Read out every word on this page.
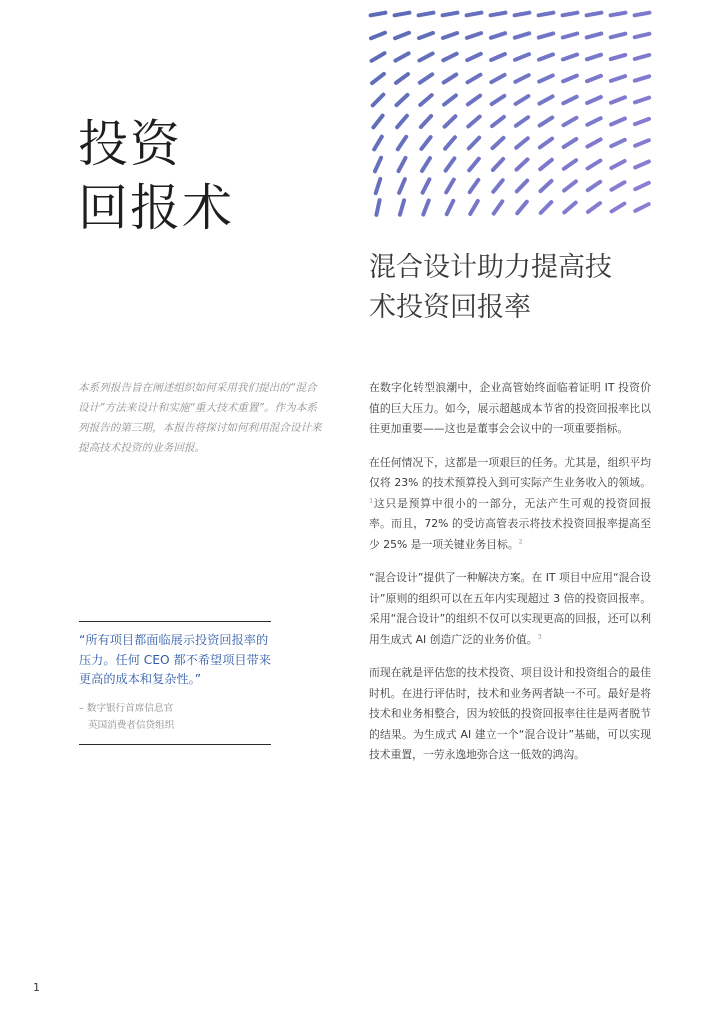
投资
回报术
混合设计助力提高技
术投资回报率

本系列报告旨在阐述组织如何采用我们提出的“混合设计”方法来设计和实施“重大技术重置”。作为本系列报告的第三期，本报告将探讨如何利用混合设计来提高技术投资的业务回报。

“所有项目都面临展示投资回报率的压力。任何 CEO 都不希望项目带来更高的成本和复杂性。”

– 数字银行首席信息官
英国消费者信贷组织

在数字化转型浪潮中，企业高管始终面临着证明 IT 投资价值的巨大压力。如今，展示超越成本节省的投资回报率比以往更加重要——这也是董事会会议中的一项重要指标。

在任何情况下，这都是一项艰巨的任务。尤其是，组织平均仅将 23% 的技术预算投入到可实际产生业务收入的领域。$^1$这只是预算中很小的一部分，无法产生可观的投资回报率。而且，72% 的受访高管表示将技术投资回报率提高至少 25% 是一项关键业务目标。$^2$

“混合设计”提供了一种解决方案。在 IT 项目中应用“混合设计”原则的组织可以在五年内实现超过 3 倍的投资回报率。采用“混合设计”的组织不仅可以实现更高的回报，还可以利用生成式 AI 创造广泛的业务价值。$^3$

而现在就是评估您的技术投资、项目设计和投资组合的最佳时机。在进行评估时，技术和业务两者缺一不可。最好是将技术和业务相整合，因为较低的投资回报率往往是两者脱节的结果。为生成式 AI 建立一个“混合设计”基础，可以实现技术重置，一劳永逸地弥合这一低效的鸿沟。

1
